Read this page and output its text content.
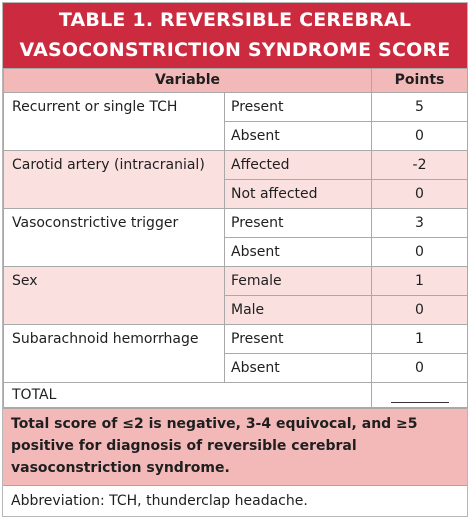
TABLE 1. REVERSIBLE CEREBRAL
VASOCONSTRICTION SYNDROME SCORE
Variable		Points
Recurrent or single TCH	Present	5
	Absent	0
Carotid artery (intracranial)	Affected	-2
	Not affected	0
Vasoconstrictive trigger	Present	3
	Absent	0
Sex	Female	1
	Male	0
Subarachnoid hemorrhage	Present	1
	Absent	0
TOTAL		
Total score of ≤2 is negative, 3-4 equivocal, and ≥5 positive for diagnosis of reversible cerebral vasoconstriction syndrome.
Abbreviation: TCH, thunderclap headache.
